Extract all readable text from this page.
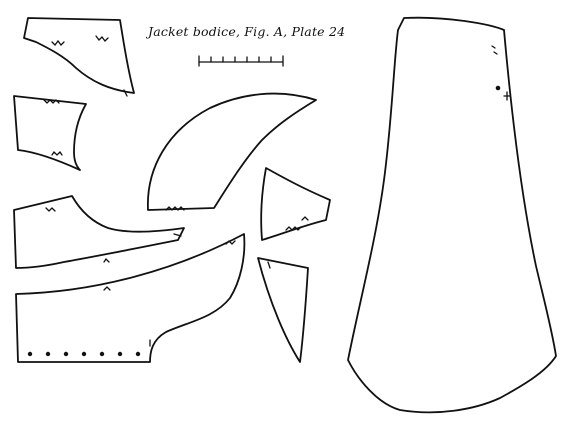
Jacket bodice, Fig. A, Plate 24
